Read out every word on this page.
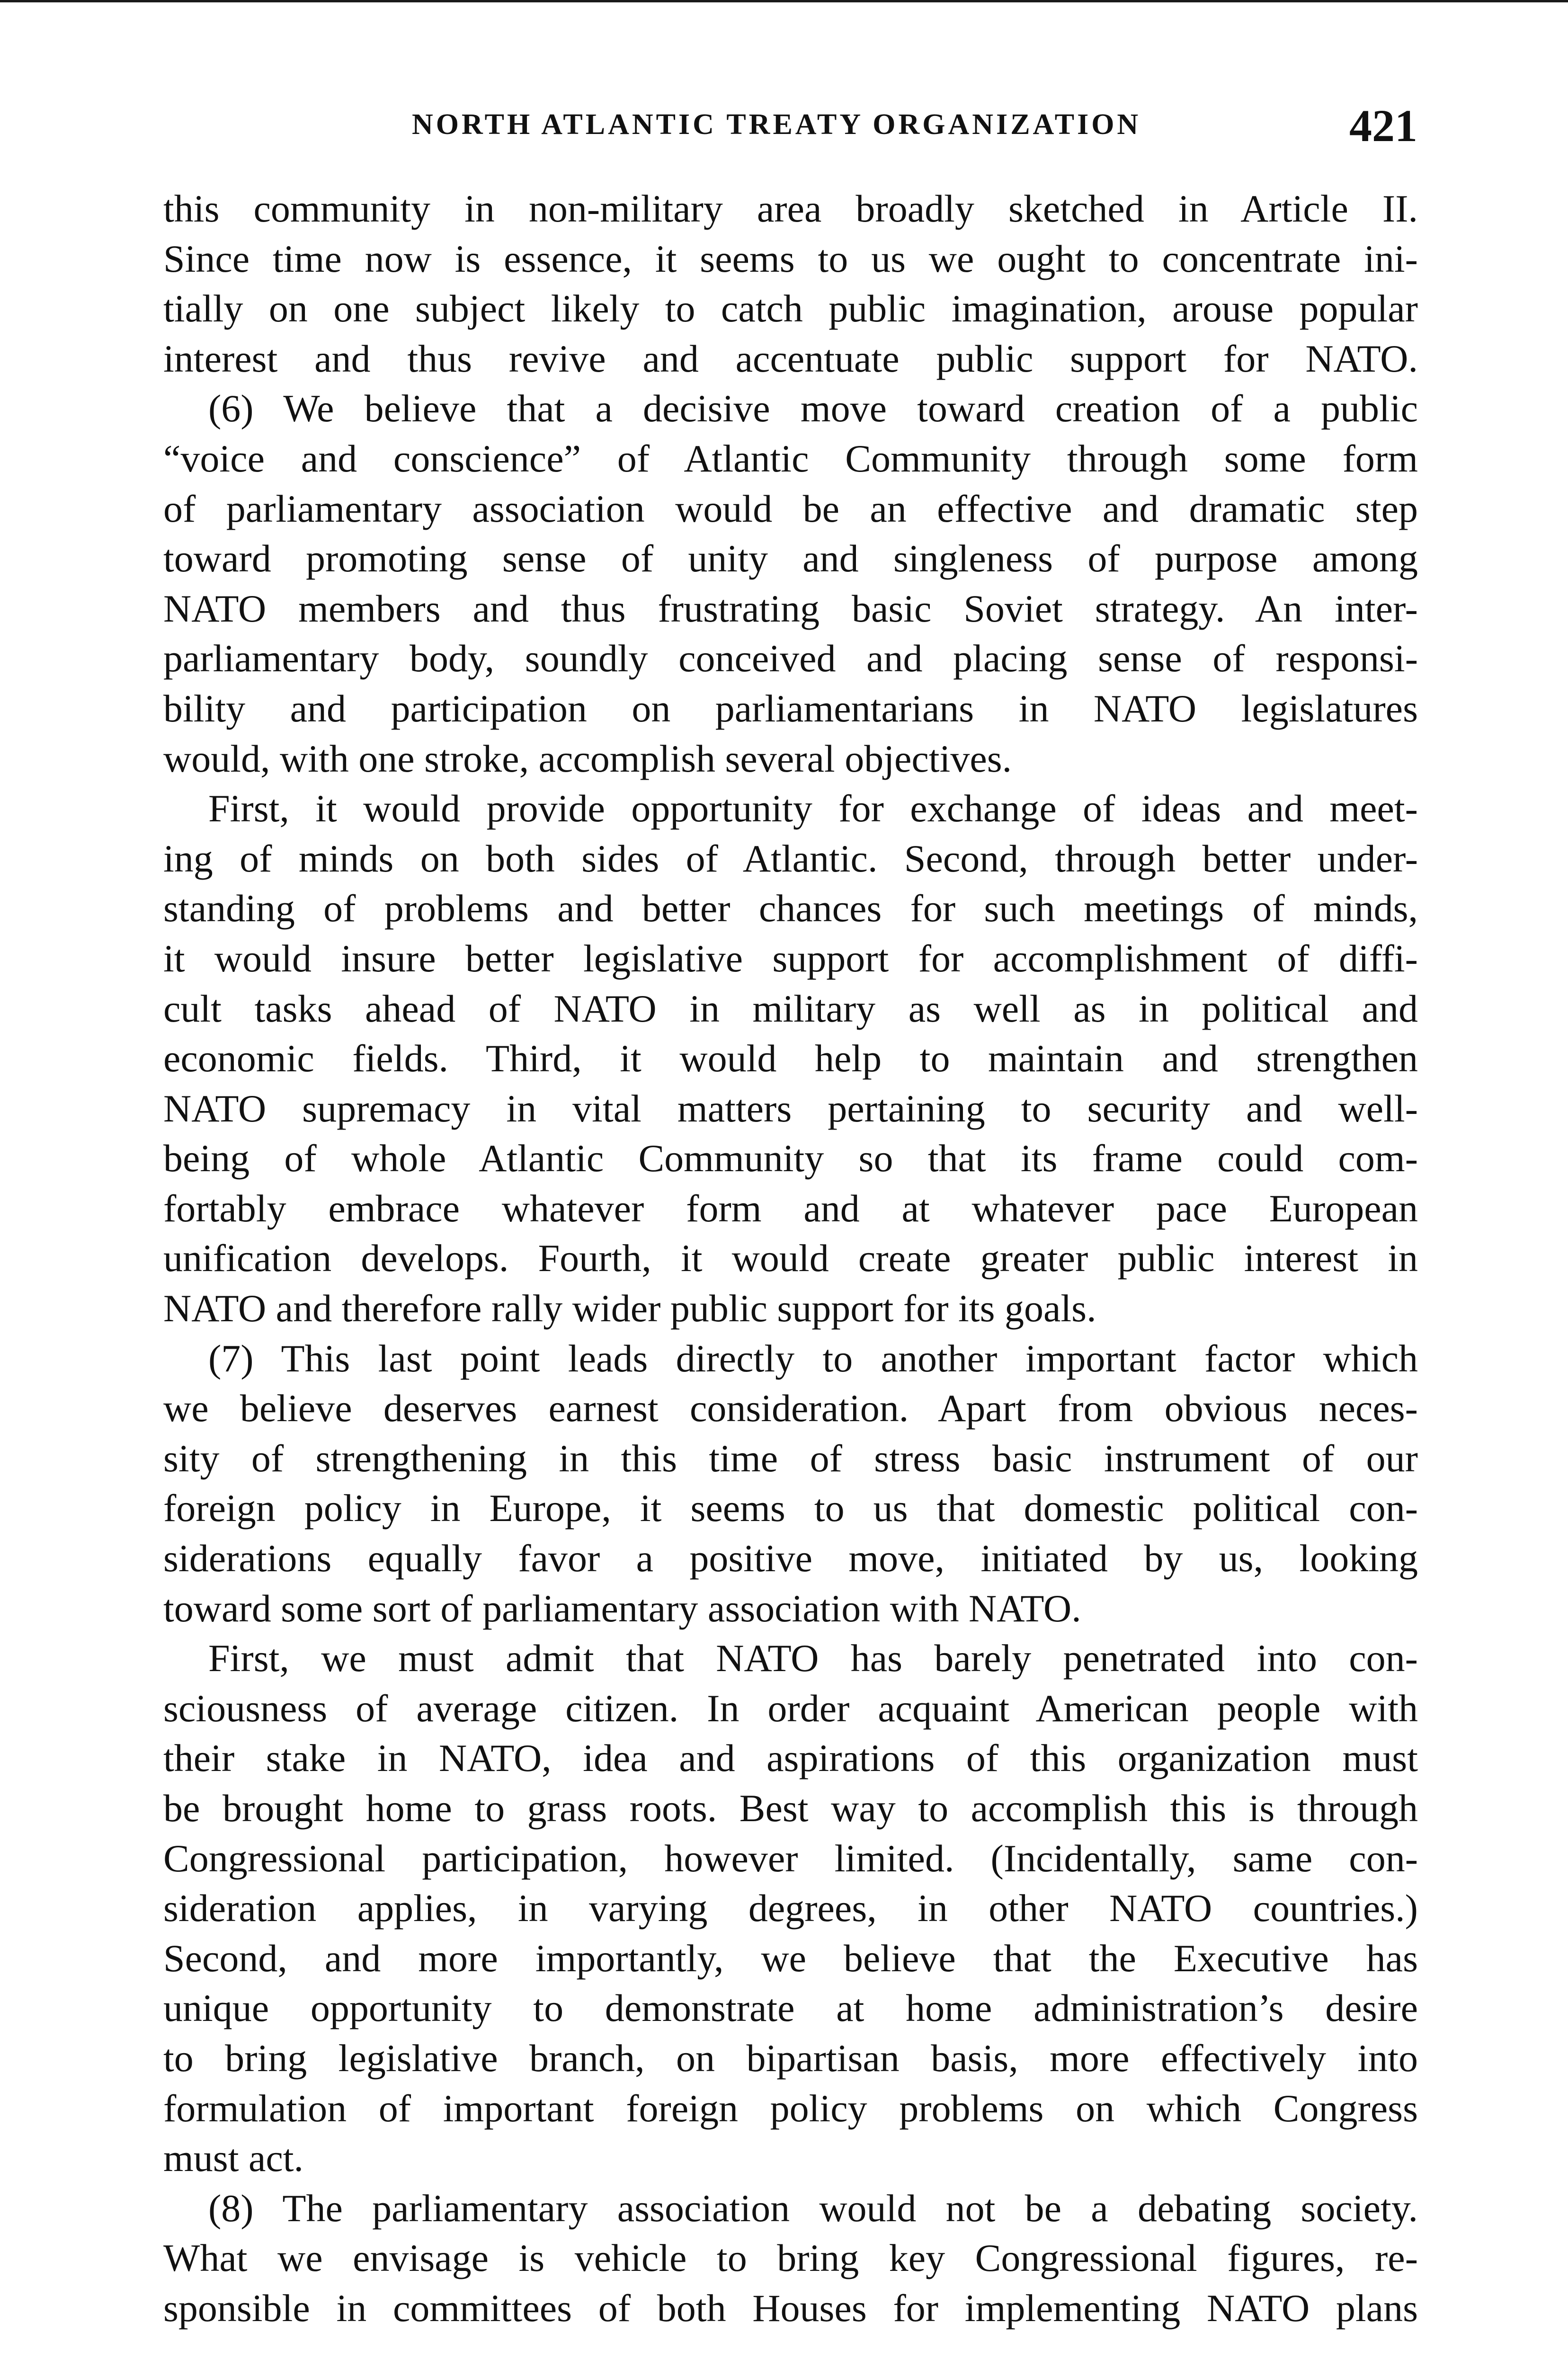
NORTH ATLANTIC TREATY ORGANIZATION	421
this community in non-military area broadly sketched in Article II.
Since time now is essence, it seems to us we ought to concentrate ini-
tially on one subject likely to catch public imagination, arouse popular
interest and thus revive and accentuate public support for NATO.
(6) We believe that a decisive move toward creation of a public
“voice and conscience” of Atlantic Community through some form
of parliamentary association would be an effective and dramatic step
toward promoting sense of unity and singleness of purpose among
NATO members and thus frustrating basic Soviet strategy. An inter-
parliamentary body, soundly conceived and placing sense of responsi-
bility and participation on parliamentarians in NATO legislatures
would, with one stroke, accomplish several objectives.
First, it would provide opportunity for exchange of ideas and meet-
ing of minds on both sides of Atlantic. Second, through better under-
standing of problems and better chances for such meetings of minds,
it would insure better legislative support for accomplishment of diffi-
cult tasks ahead of NATO in military as well as in political and
economic fields. Third, it would help to maintain and strengthen
NATO supremacy in vital matters pertaining to security and well-
being of whole Atlantic Community so that its frame could com-
fortably embrace whatever form and at whatever pace European
unification develops. Fourth, it would create greater public interest in
NATO and therefore rally wider public support for its goals.
(7) This last point leads directly to another important factor which
we believe deserves earnest consideration. Apart from obvious neces-
sity of strengthening in this time of stress basic instrument of our
foreign policy in Europe, it seems to us that domestic political con-
siderations equally favor a positive move, initiated by us, looking
toward some sort of parliamentary association with NATO.
First, we must admit that NATO has barely penetrated into con-
sciousness of average citizen. In order acquaint American people with
their stake in NATO, idea and aspirations of this organization must
be brought home to grass roots. Best way to accomplish this is through
Congressional participation, however limited. (Incidentally, same con-
sideration applies, in varying degrees, in other NATO countries.)
Second, and more importantly, we believe that the Executive has
unique opportunity to demonstrate at home administration’s desire
to bring legislative branch, on bipartisan basis, more effectively into
formulation of important foreign policy problems on which Congress
must act.
(8) The parliamentary association would not be a debating society.
What we envisage is vehicle to bring key Congressional figures, re-
sponsible in committees of both Houses for implementing NATO plans
